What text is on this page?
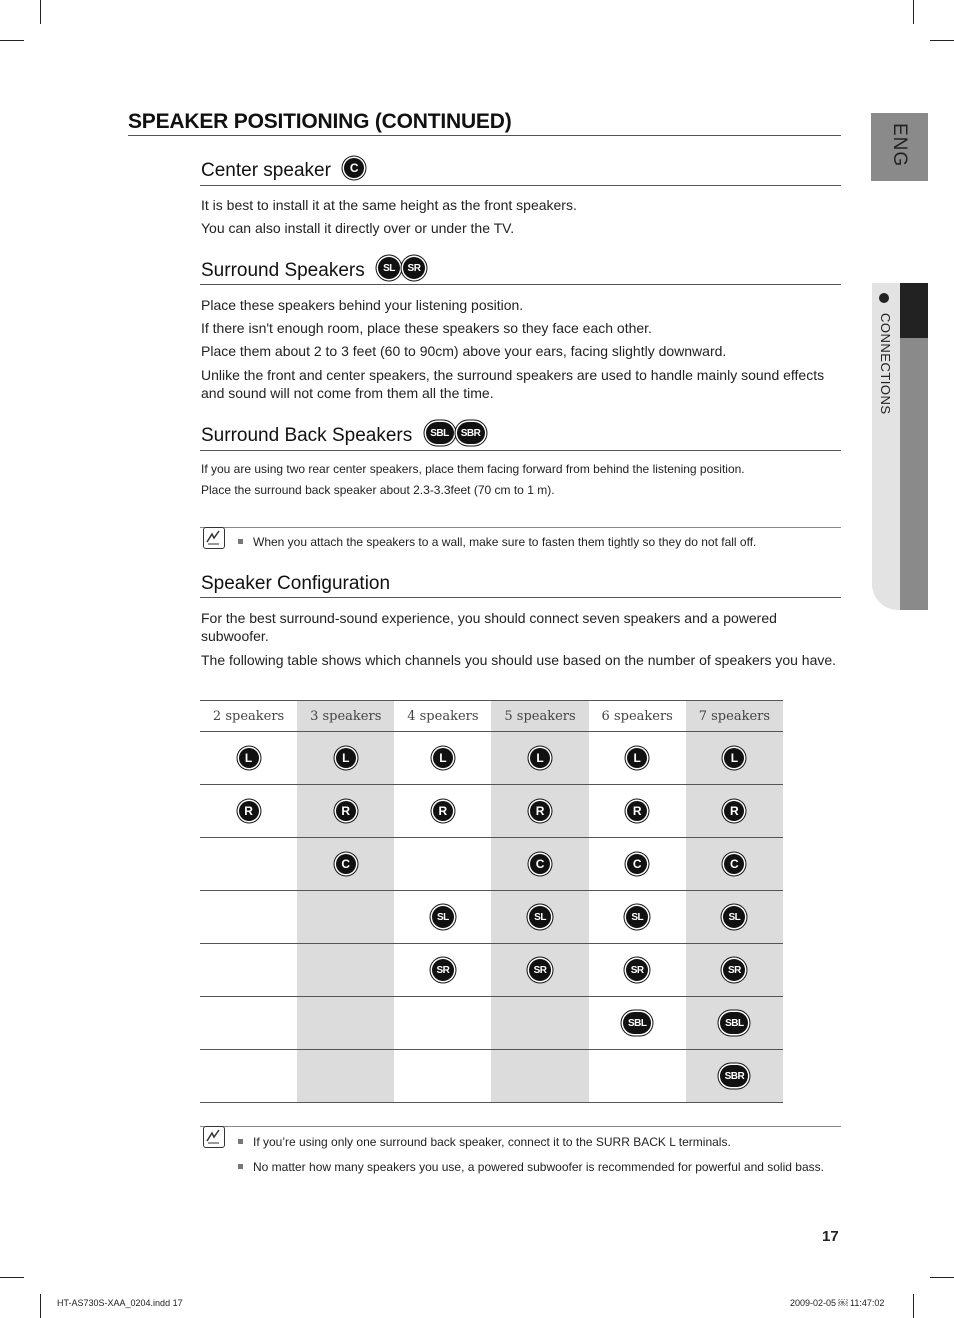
ENG
CONNECTIONS
SPEAKER POSITIONING (CONTINUED)
Center speaker	C
It is best to install it at the same height as the front speakers.
You can also install it directly over or under the TV.
Surround Speakers	SL	SR
Place these speakers behind your listening position.
If there isn't enough room, place these speakers so they face each other.
Place them about 2 to 3 feet (60 to 90cm) above your ears, facing slightly downward.
Unlike the front and center speakers, the surround speakers are used to handle mainly sound effects and sound will not come from them all the time.
Surround Back Speakers	SBL	SBR
If you are using two rear center speakers, place them facing forward from behind the listening position.
Place the surround back speaker about 2.3-3.3feet (70 cm to 1 m).
When you attach the speakers to a wall, make sure to fasten them tightly so they do not fall off.
Speaker Configuration
For the best surround-sound experience, you should connect seven speakers and a powered subwoofer.
The following table shows which channels you should use based on the number of speakers you have.
2 speakers	3 speakers	4 speakers	5 speakers	6 speakers	7 speakers
L	L	L	L	L	L
R	R	R	R	R	R
	C		C	C	C
		SL	SL	SL	SL
		SR	SR	SR	SR
				SBL	SBL
					SBR
If you’re using only one surround back speaker, connect it to the SURR BACK L terminals.
No matter how many speakers you use, a powered subwoofer is recommended for powerful and solid bass.
17
HT-AS730S-XAA_0204.indd 17	2009-02-05 ￼ 11:47:02
